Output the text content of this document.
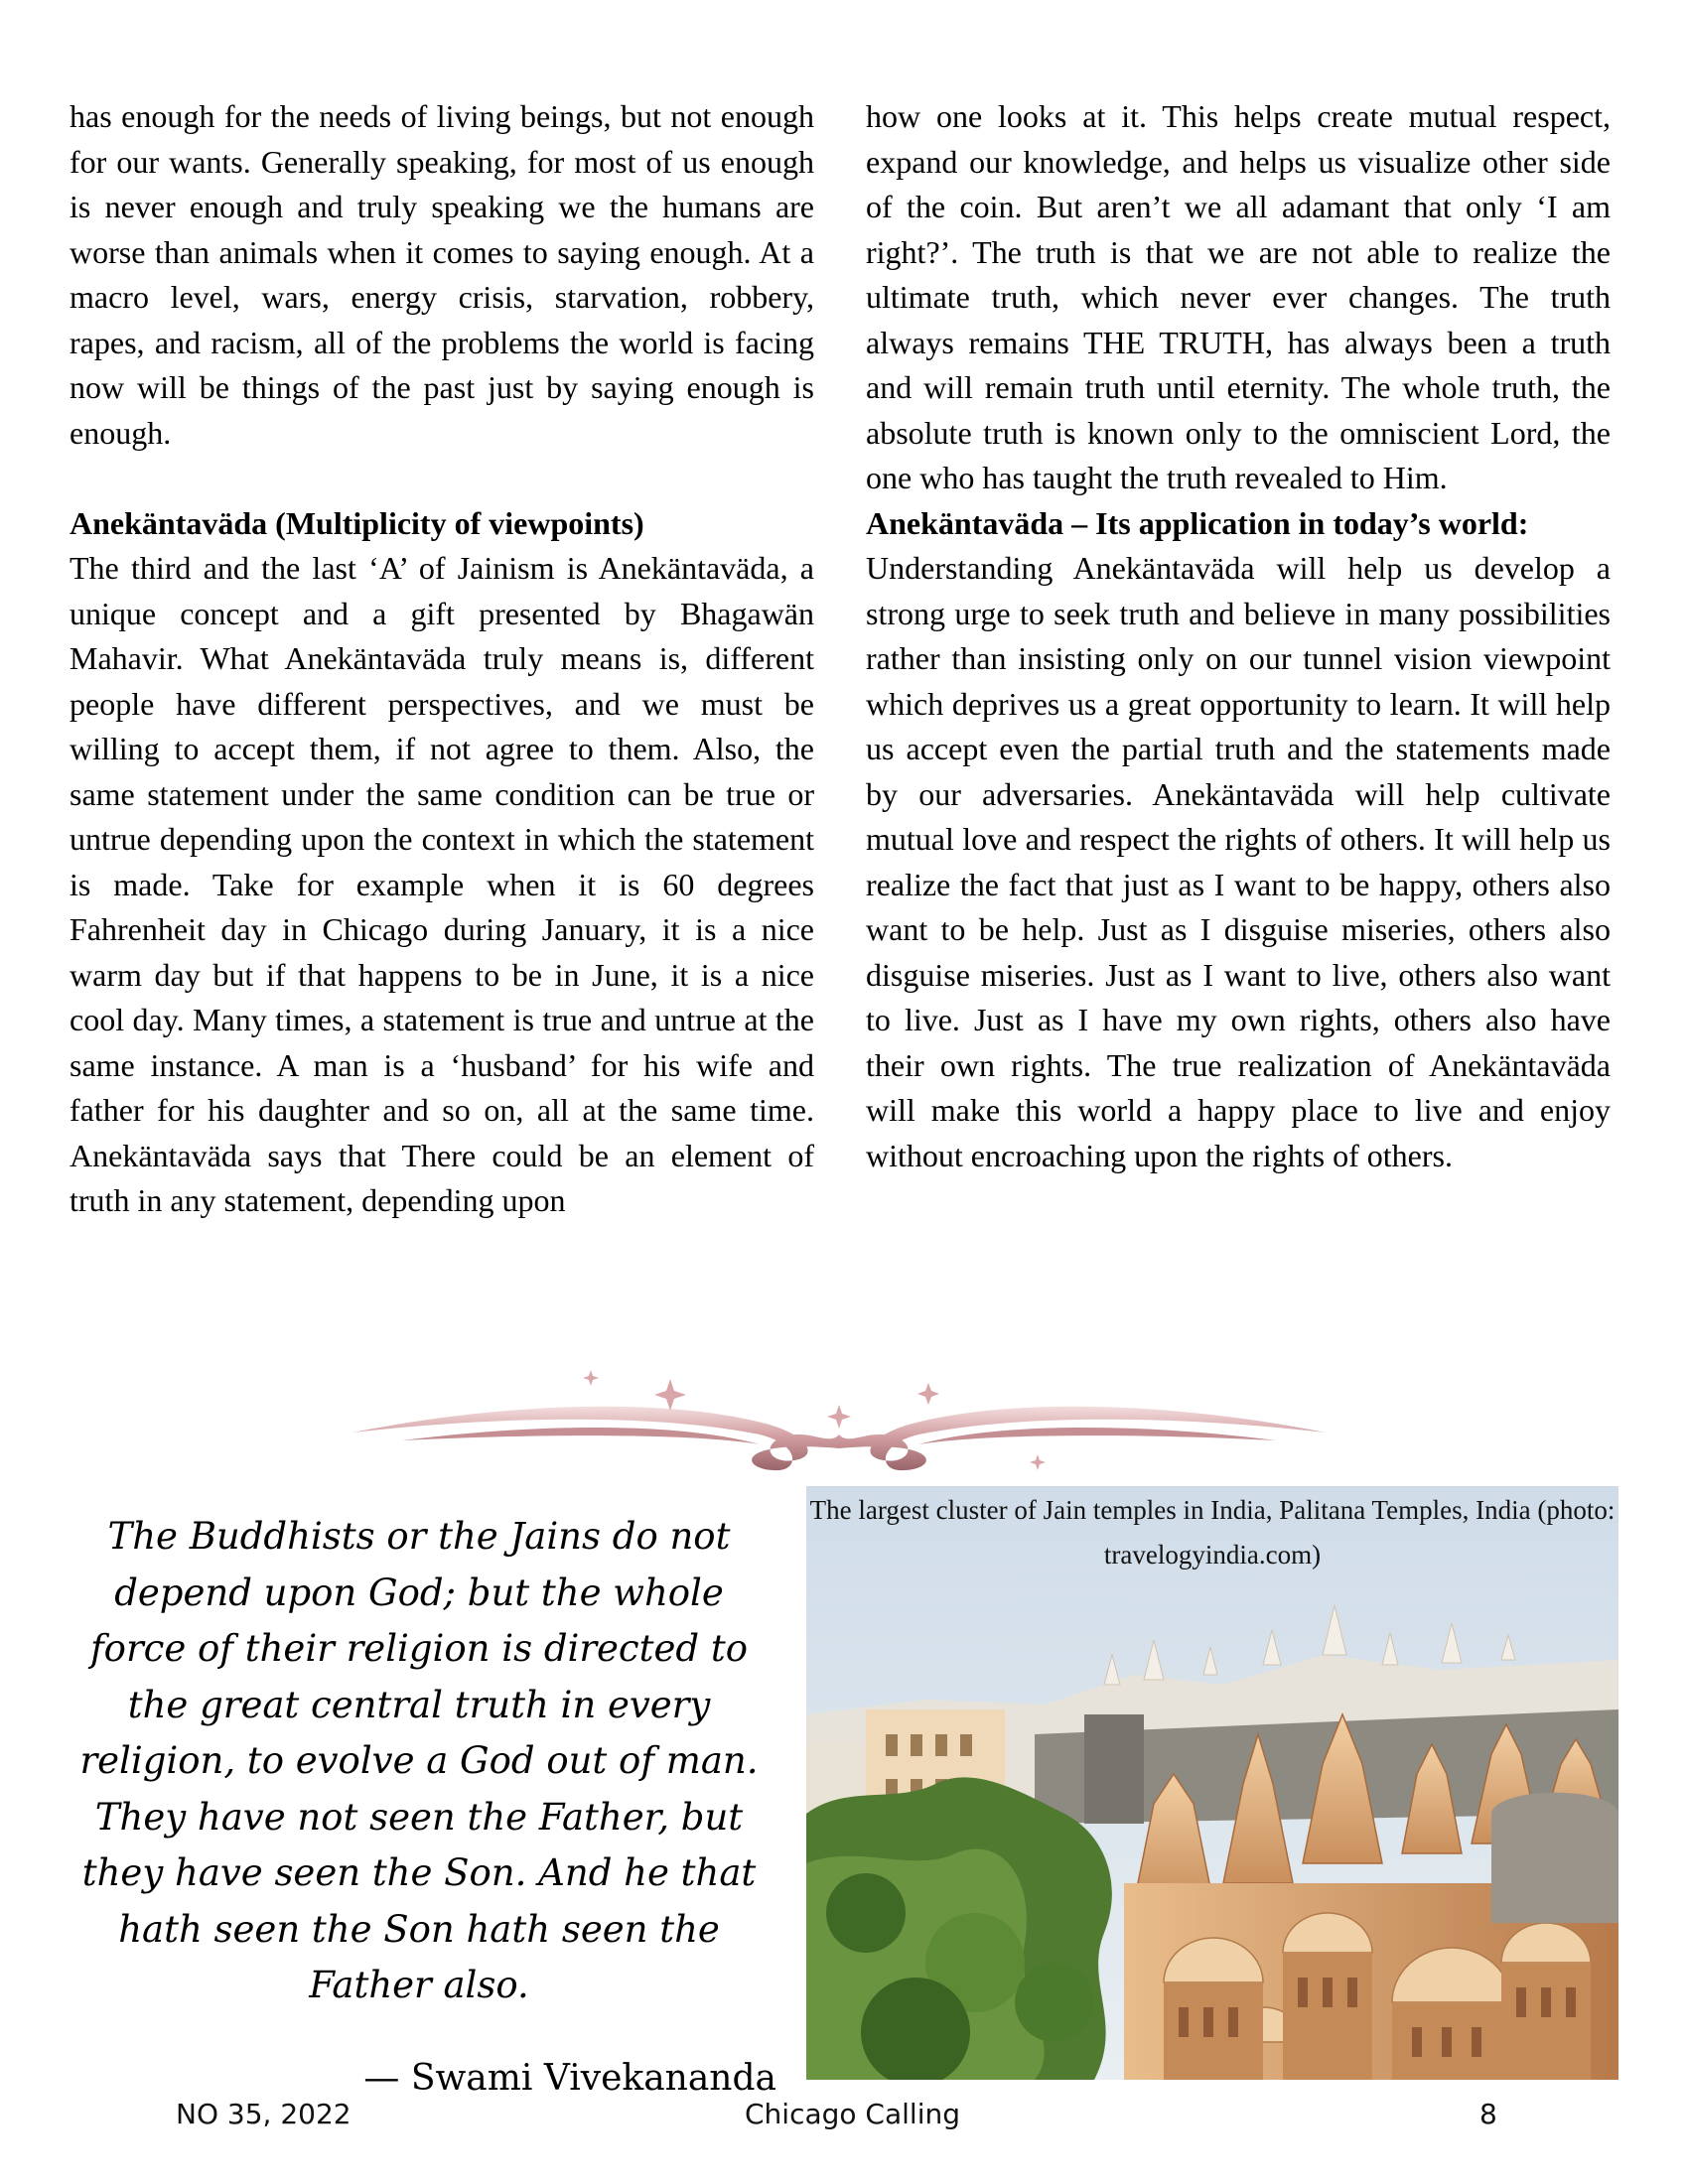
has enough for the needs of living beings, but not enough for our wants. Generally speaking, for most of us enough is never enough and truly speaking we the humans are worse than animals when it comes to saying enough. At a macro level, wars, energy crisis, starvation, robbery, rapes, and racism, all of the problems the world is facing now will be things of the past just by saying enough is enough.

Anekäntaväda (Multiplicity of viewpoints)

The third and the last ‘A’ of Jainism is Anekäntaväda, a unique concept and a gift presented by Bhagawän Mahavir. What Anekäntaväda truly means is, different people have different perspectives, and we must be willing to accept them, if not agree to them. Also, the same statement under the same condition can be true or untrue depending upon the context in which the statement is made. Take for example when it is 60 degrees Fahrenheit day in Chicago during January, it is a nice warm day but if that happens to be in June, it is a nice cool day. Many times, a statement is true and untrue at the same instance. A man is a ‘husband’ for his wife and father for his daughter and so on, all at the same time. Anekäntaväda says that There could be an element of truth in any statement, depending upon

how one looks at it. This helps create mutual respect, expand our knowledge, and helps us visualize other side of the coin. But aren’t we all adamant that only ‘I am right?’. The truth is that we are not able to realize the ultimate truth, which never ever changes. The truth always remains THE TRUTH, has always been a truth and will remain truth until eternity. The whole truth, the absolute truth is known only to the omniscient Lord, the one who has taught the truth revealed to Him.

Anekäntaväda – Its application in today’s world:

Understanding Anekäntaväda will help us develop a strong urge to seek truth and believe in many possibilities rather than insisting only on our tunnel vision viewpoint which deprives us a great opportunity to learn. It will help us accept even the partial truth and the statements made by our adversaries. Anekäntaväda will help cultivate mutual love and respect the rights of others. It will help us realize the fact that just as I want to be happy, others also want to be help. Just as I disguise miseries, others also disguise miseries. Just as I want to live, others also want to live. Just as I have my own rights, others also have their own rights. The true realization of Anekäntaväda will make this world a happy place to live and enjoy without encroaching upon the rights of others.

The Buddhists or the Jains do not depend upon God; but the whole force of their religion is directed to the great central truth in every religion, to evolve a God out of man. They have not seen the Father, but they have seen the Son. And he that hath seen the Son hath seen the Father also.

— Swami Vivekananda
The largest cluster of Jain temples in India, Palitana Temples, India (photo: travelogyindia.com)
NO 35, 2022	Chicago Calling	8
